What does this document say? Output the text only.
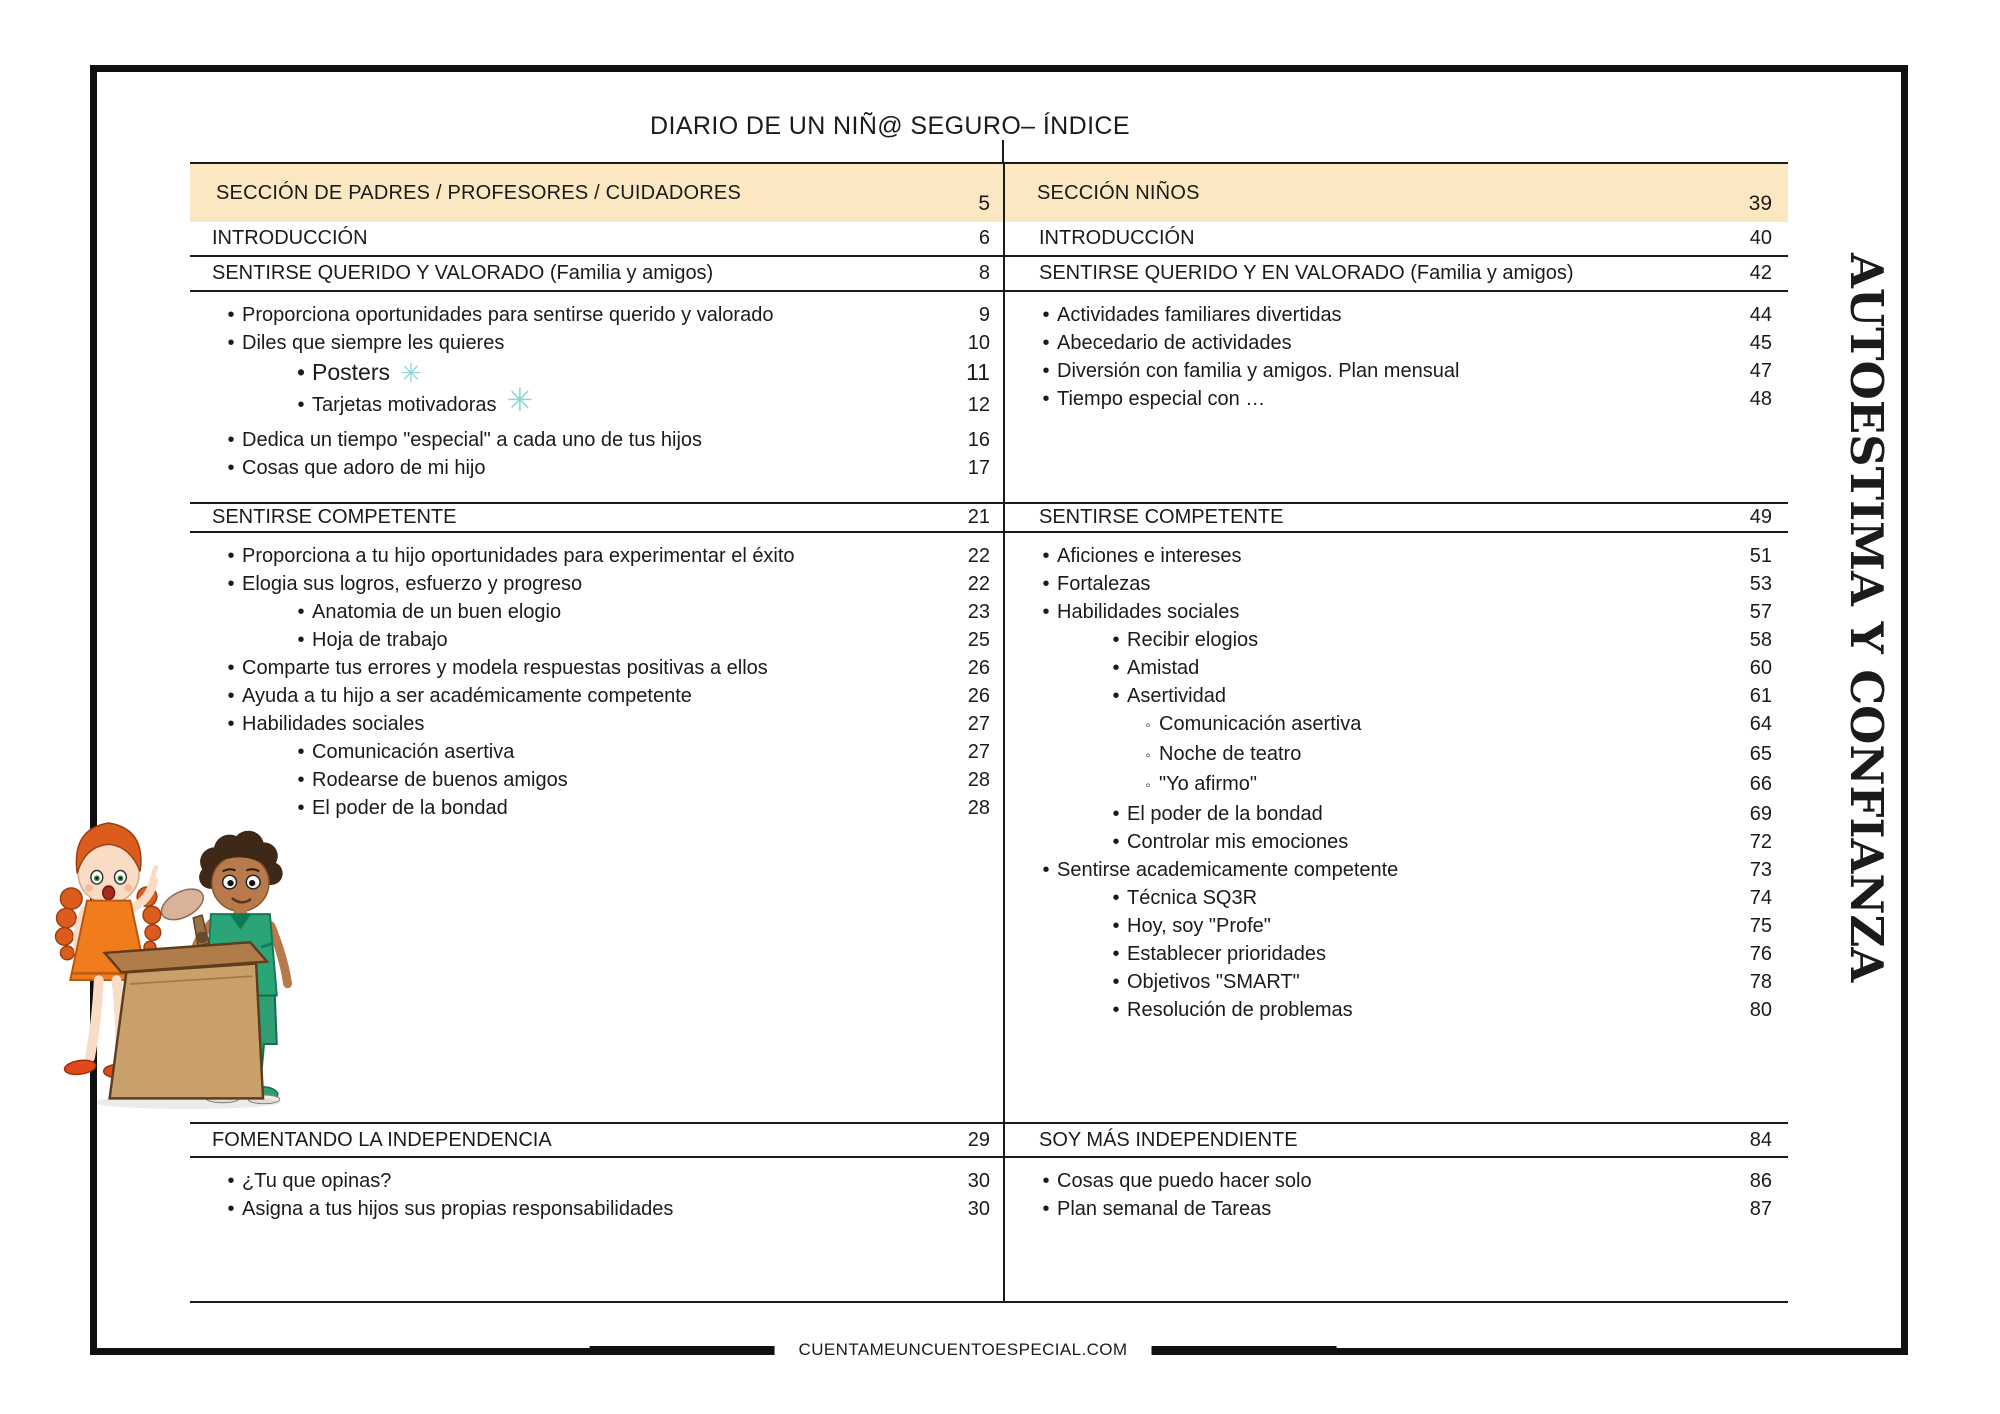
DIARIO DE UN NIÑ@ SEGURO– ÍNDICE
SECCIÓN DE PADRES / PROFESORES / CUIDADORES	5	SECCIÓN NIÑOS	39
INTRODUCCIÓN	6	INTRODUCCIÓN	40
SENTIRSE QUERIDO Y VALORADO (Familia y amigos)	8	SENTIRSE QUERIDO Y EN VALORADO (Familia y amigos)	42
• Proporciona oportunidades para sentirse querido y valorado	9
• Diles que siempre les quieres	10
• Posters ✳	11
• Tarjetas motivadoras ✳	12
• Dedica un tiempo "especial" a cada uno de tus hijos	16
• Cosas que adoro de mi hijo	17
• Actividades familiares divertidas	44
• Abecedario de actividades	45
• Diversión con familia y amigos. Plan mensual	47
• Tiempo especial con …	48
SENTIRSE COMPETENTE	21	SENTIRSE COMPETENTE	49
• Proporciona a tu hijo oportunidades para experimentar el éxito	22
• Elogia sus logros, esfuerzo y progreso	22
• Anatomia de un buen elogio	23
• Hoja de trabajo	25
• Comparte tus errores y modela respuestas positivas a ellos	26
• Ayuda a tu hijo a ser académicamente competente	26
• Habilidades sociales	27
• Comunicación asertiva	27
• Rodearse de buenos amigos	28
• El poder de la bondad	28
• Aficiones e intereses	51
• Fortalezas	53
• Habilidades sociales	57
• Recibir elogios	58
• Amistad	60
• Asertividad	61
◦ Comunicación asertiva	64
◦ Noche de teatro	65
◦ "Yo afirmo"	66
• El poder de la bondad	69
• Controlar mis emociones	72
• Sentirse academicamente competente	73
• Técnica SQ3R	74
• Hoy, soy "Profe"	75
• Establecer prioridades	76
• Objetivos "SMART"	78
• Resolución de problemas	80
FOMENTANDO LA INDEPENDENCIA	29	SOY MÁS INDEPENDIENTE	84
• ¿Tu que opinas?	30
• Asigna a tus hijos sus propias responsabilidades	30
• Cosas que puedo hacer solo	86
• Plan semanal de Tareas	87
AUTOESTIMA Y CONFIANZA
CUENTAMEUNCUENTOESPECIAL.COM
